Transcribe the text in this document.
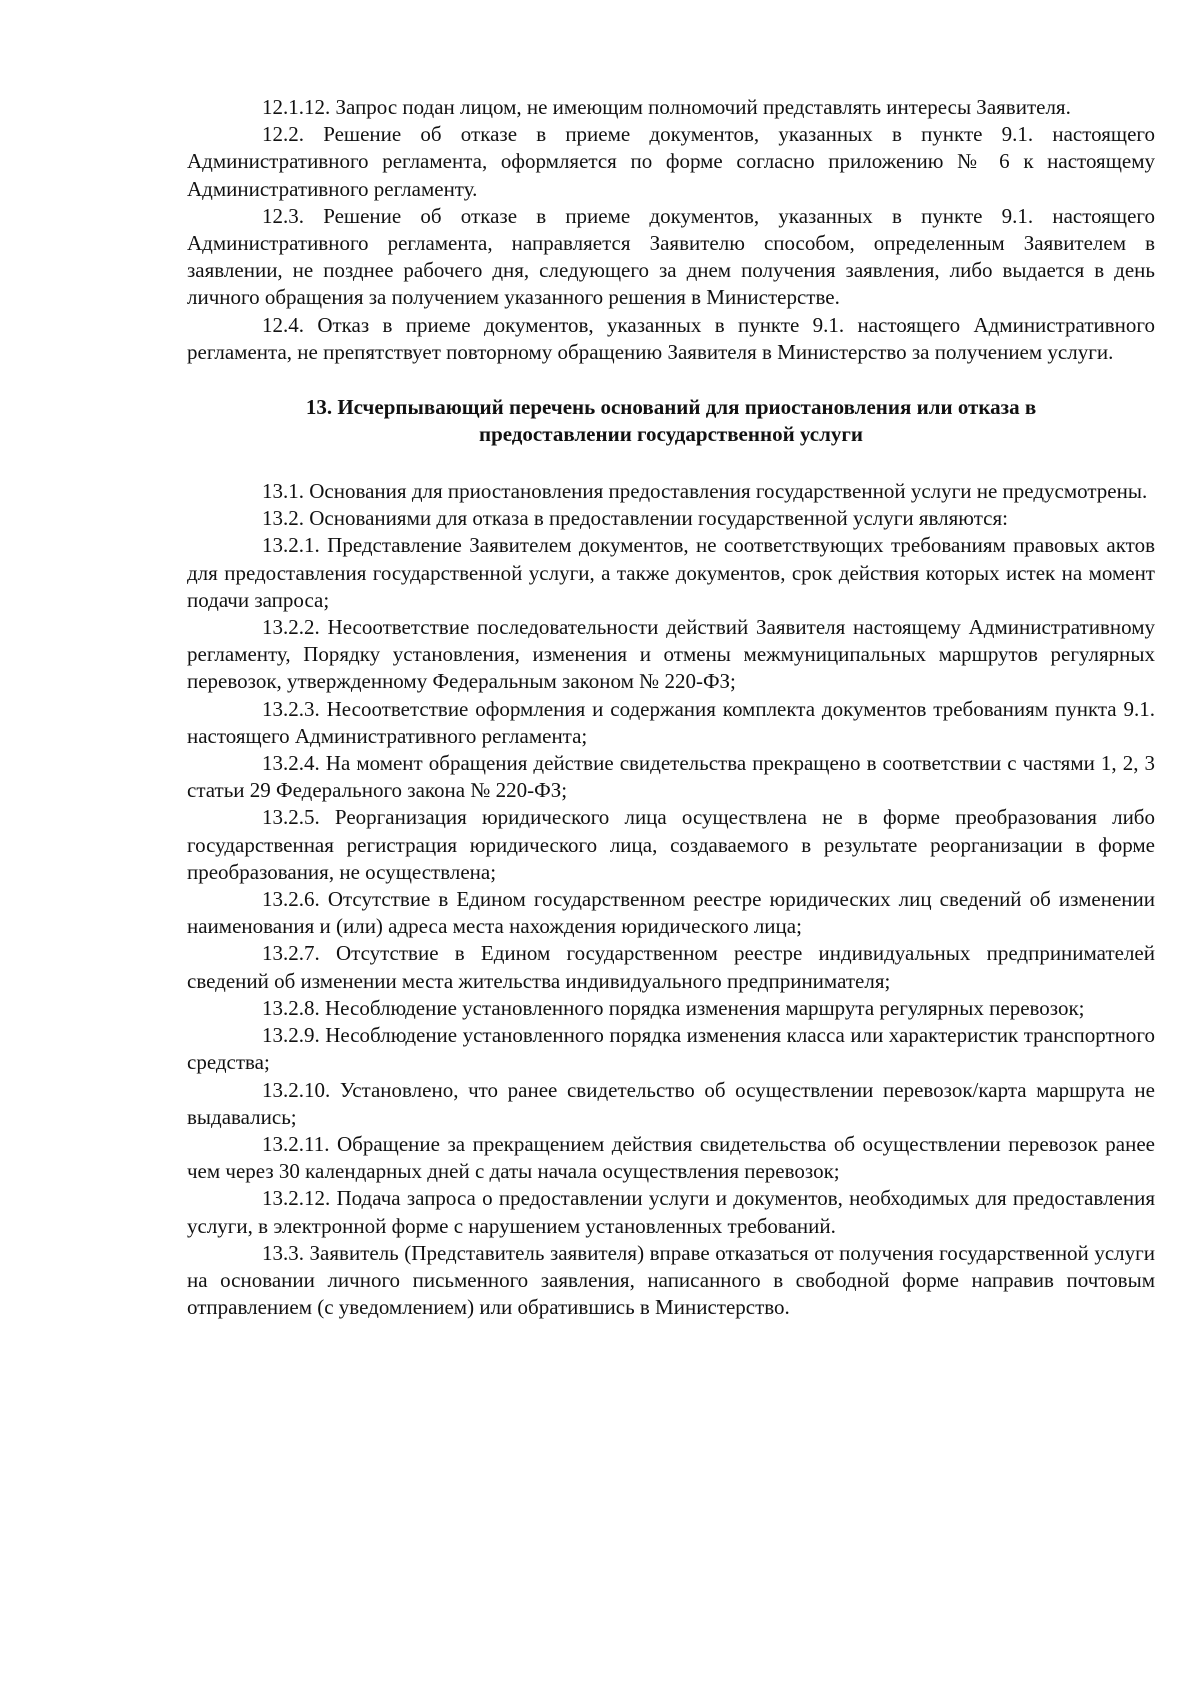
12.1.12. Запрос подан лицом, не имеющим полномочий представлять интересы Заявителя.

12.2. Решение об отказе в приеме документов, указанных в пункте 9.1. настоящего Административного регламента, оформляется по форме согласно приложению № 6 к настоящему Административного регламенту.

12.3. Решение об отказе в приеме документов, указанных в пункте 9.1. настоящего Административного регламента, направляется Заявителю способом, определенным Заявителем в заявлении, не позднее рабочего дня, следующего за днем получения заявления, либо выдается в день личного обращения за получением указанного решения в Министерстве.

12.4. Отказ в приеме документов, указанных в пункте 9.1. настоящего Административного регламента, не препятствует повторному обращению Заявителя в Министерство за получением услуги.

13. Исчерпывающий перечень оснований для приостановления или отказа в предоставлении государственной услуги

13.1. Основания для приостановления предоставления государственной услуги не предусмотрены.

13.2. Основаниями для отказа в предоставлении государственной услуги являются:

13.2.1. Представление Заявителем документов, не соответствующих требованиям правовых актов для предоставления государственной услуги, а также документов, срок действия которых истек на момент подачи запроса;

13.2.2. Несоответствие последовательности действий Заявителя настоящему Административному регламенту, Порядку установления, изменения и отмены межмуниципальных маршрутов регулярных перевозок, утвержденному Федеральным законом № 220-ФЗ;

13.2.3. Несоответствие оформления и содержания комплекта документов требованиям пункта 9.1. настоящего Административного регламента;

13.2.4. На момент обращения действие свидетельства прекращено в соответствии с частями 1, 2, 3 статьи 29 Федерального закона № 220-ФЗ;

13.2.5. Реорганизация юридического лица осуществлена не в форме преобразования либо государственная регистрация юридического лица, создаваемого в результате реорганизации в форме преобразования, не осуществлена;

13.2.6. Отсутствие в Едином государственном реестре юридических лиц сведений об изменении наименования и (или) адреса места нахождения юридического лица;

13.2.7. Отсутствие в Едином государственном реестре индивидуальных предпринимателей сведений об изменении места жительства индивидуального предпринимателя;

13.2.8. Несоблюдение установленного порядка изменения маршрута регулярных перевозок;

13.2.9. Несоблюдение установленного порядка изменения класса или характеристик транспортного средства;

13.2.10. Установлено, что ранее свидетельство об осуществлении перевозок/карта маршрута не выдавались;

13.2.11. Обращение за прекращением действия свидетельства об осуществлении перевозок ранее чем через 30 календарных дней с даты начала осуществления перевозок;

13.2.12. Подача запроса о предоставлении услуги и документов, необходимых для предоставления услуги, в электронной форме с нарушением установленных требований.

13.3. Заявитель (Представитель заявителя) вправе отказаться от получения государственной услуги на основании личного письменного заявления, написанного в свободной форме направив почтовым отправлением (с уведомлением) или обратившись в Министерство.
